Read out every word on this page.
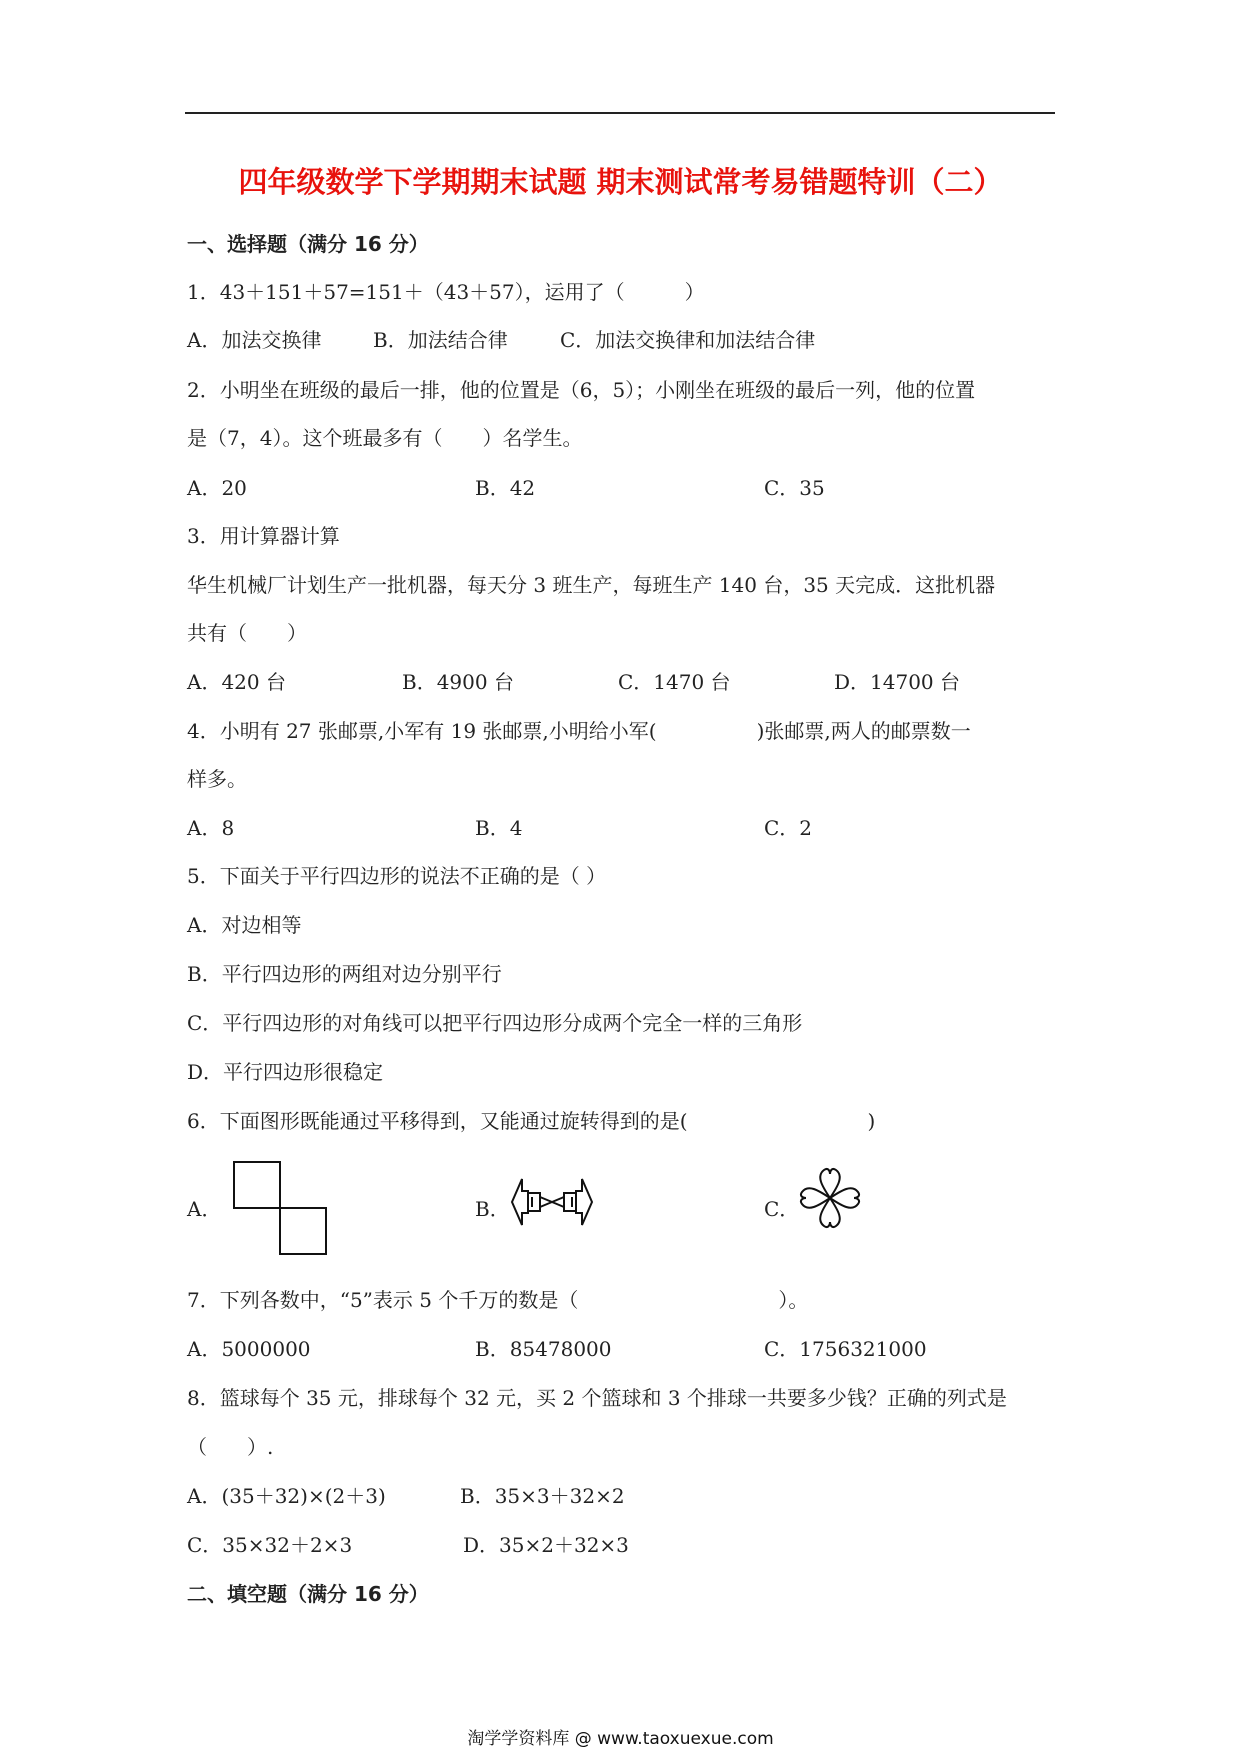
四年级数学下学期期末试题 期末测试常考易错题特训（二）
一、选择题（满分 16 分）
1．43＋151＋57=151＋（43＋57），运用了（　　　）
A．加法交换律	B．加法结合律	C．加法交换律和加法结合律
2．小明坐在班级的最后一排，他的位置是（6，5）；小刚坐在班级的最后一列，他的位置
是（7，4）。这个班最多有（　　）名学生。
A．20	B．42	C．35
3．用计算器计算
华生机械厂计划生产一批机器，每天分 3 班生产，每班生产 140 台，35 天完成．这批机器
共有（　　）
A．420 台	B．4900 台	C．1470 台	D．14700 台
4．小明有 27 张邮票,小军有 19 张邮票,小明给小军(　　　　　)张邮票,两人的邮票数一
样多。
A．8	B．4	C．2
5．下面关于平行四边形的说法不正确的是（ ）
A．对边相等
B．平行四边形的两组对边分别平行
C．平行四边形的对角线可以把平行四边形分成两个完全一样的三角形
D．平行四边形很稳定
6．下面图形既能通过平移得到，又能通过旋转得到的是(　　　　　　　　　)
A．	B．	C．
7．下列各数中，“5”表示 5 个千万的数是（　　　　　　　　　　）。
A．5000000	B．85478000	C．1756321000
8．篮球每个 35 元，排球每个 32 元，买 2 个篮球和 3 个排球一共要多少钱？正确的列式是
（　　）.
A．(35＋32)×(2＋3)	B．35×3＋32×2
C．35×32＋2×3	D．35×2＋32×3
二、填空题（满分 16 分）
淘学学资料库 @ www.taoxuexue.com
